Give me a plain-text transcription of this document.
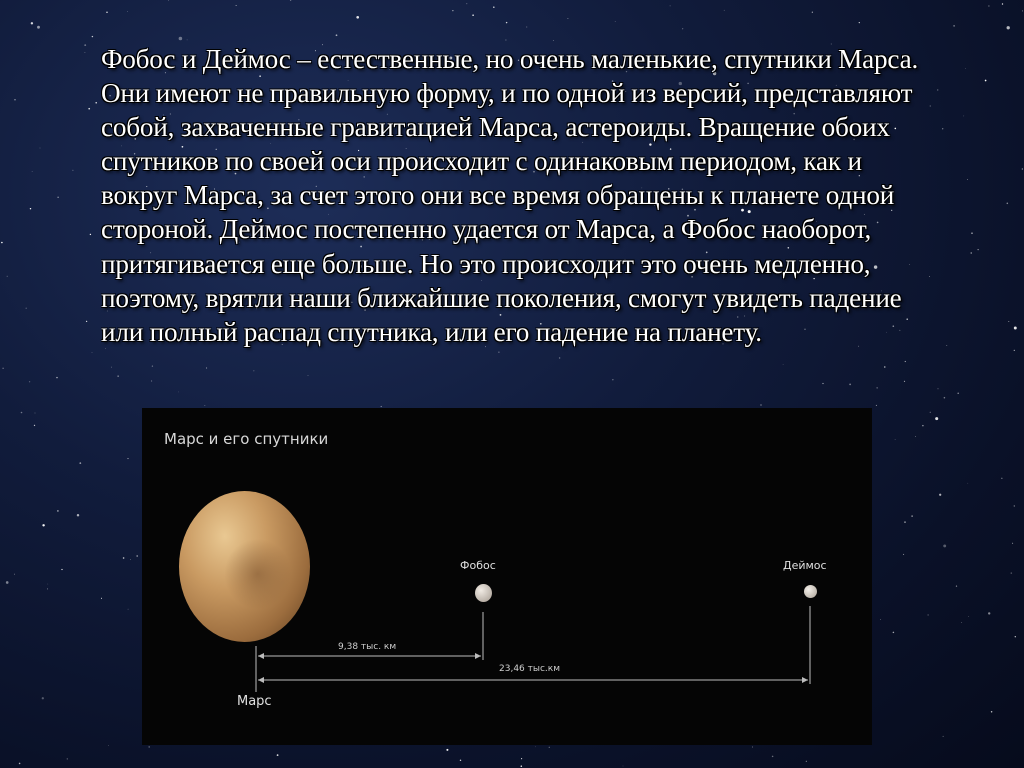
Фобос и Деймос – естественные, но очень маленькие, спутники Марса. Они имеют не правильную форму, и по одной из версий, представляют собой, захваченные гравитацией Марса, астероиды. Вращение обоих спутников по своей оси происходит с одинаковым периодом, как и вокруг Марса, за счет этого они все время обращены к планете одной стороной. Деймос постепенно удается от Марса, а Фобос наоборот, притягивается еще больше. Но это происходит это очень медленно, поэтому, врятли наши ближайшие поколения, смогут увидеть падение или полный распад спутника, или его падение на планету.

Марс и его спутники
Фобос	Деймос
Марс
9,38 тыс. км
23,46 тыс.км
